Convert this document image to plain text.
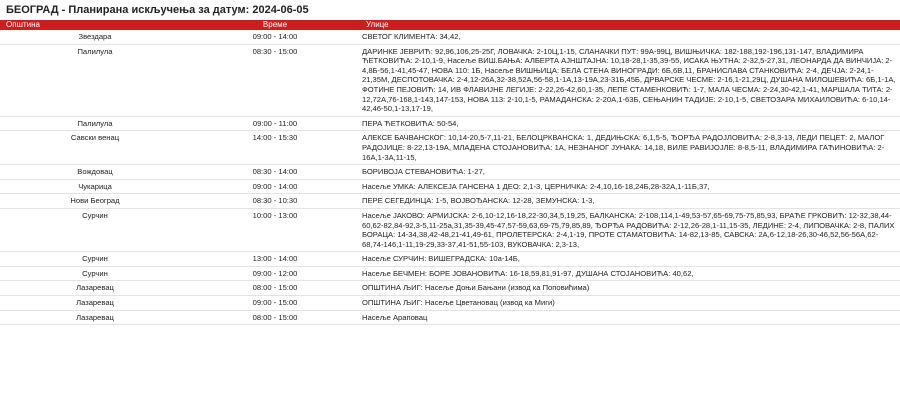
БЕОГРАД - Планирана искључења за датум: 2024-06-05
Општина	Време	Улице
Звездара	09:00 - 14:00	СВЕТОГ КЛИМЕНТА: 34,42,
Палилула	08:30 - 15:00	ДАРИНКЕ ЈЕВРИЋ: 92,96,106,25-25Г, ЛОВАЧКА: 2-10Ц,1-15, СЛАНАЧКИ ПУТ: 99А-99Ц, ВИШЊИЧКА: 182-188,192-196,131-147, ВЛАДИМИРА ЋЕТКОВИЋА: 2-10,1-9, Насеље ВИШ.БАЊА: АЛБЕРТА АЈНШТАЈНА: 10,18-28,1-35,39-55, ИСАКА ЊУТНА: 2-32,5-27,31, ЛЕОНАРДА ДА ВИНЧИЈА: 2-4,8Б-56,1-41,45-47, НОВА 110: 1Б, Насеље ВИШЊИЦА: БЕЛА СТЕНА ВИНОГРАДИ: 6Б,6В,11, БРАНИСЛАВА СТАНКОВИЋА: 2-4, ДЕЧЈА: 2-24,1-21,35М, ДЕСПОТОВАЧКА: 2-4,12-26А,32-38,52А,56-58,1-1А,13-19А,23-31Б,45Б, ДРВАРСКЕ ЧЕСМЕ: 2-16,1-21,29Ц, ДУШАНА МИЛОШЕВИЋА: 6Б,1-1А, ФОТИНЕ ПЕЈОВИЋ: 14, ИВ ФЛАВИЈНЕ ЛЕГИЈЕ: 2-22,26-42,60,1-35, ЛЕПЕ СТАМЕНКОВИЋ: 1-7, МАЛА ЧЕСМА: 2-24,30-42,1-41, МАРШАЛА ТИТА: 2-12,72А,76-168,1-143,147-153, НОВА 113: 2-10,1-5, РАМАДАНСКА: 2-20А,1-63Б, СЕЊАНИН ТАДИЈЕ: 2-10,1-5, СВЕТОЗАРА МИХАИЛОВИЋА: 6-10,14-42,46-50,1-13,17-19,
Палилула	09:00 - 11:00	ПЕРА ЋЕТКОВИЋА: 50-54,
Савски венац	14:00 - 15:30	АЛЕКСЕ БАЧВАНСКОГ: 10,14-20,5-7,11-21, БЕЛОЦРКВАНСКА: 1, ДЕДИЊСКА: 6,1,5-5, ЂОРЂА РАДОЈЛОВИЋА: 2-8,3-13, ЛЕДИ ПЕЦЕТ: 2, МАЛОГ РАДОЈИЦЕ: 8-22,13-19А, МЛАДЕНА СТОЈАНОВИЋА: 1А, НЕЗНАНОГ ЈУНАКА: 14,18, ВИЛЕ РАВИЈОЈЛЕ: 8-8,5-11, ВЛАДИМИРА ГАЋИНОВИЋА: 2-16А,1-3А,11-15,
Вождовац	08:30 - 14:00	БОРИВОЈА СТЕВАНОВИЋА: 1-27,
Чукарица	09:00 - 14:00	Насеље УМКА: АЛЕКСЕЈА ГАНСЕНА 1 ДЕО: 2,1-3, ЦЕРНИЧКА: 2-4,10,16-18,24Б,28-32А,1-11Б,37,
Нови Београд	08:30 - 10:30	ПЕРЕ СЕГЕДИНЦА: 1-5, ВОЈВОЂАНСКА: 12-28, ЗЕМУНСКА: 1-3,
Сурчин	10:00 - 13:00	Насеље ЈАКОВО: АРМИЈСКА: 2-6,10-12,16-18,22-30,34,5,19,25, БАЛКАНСКА: 2-108,114,1-49,53-57,65-69,75-75,85,93, БРАЋЕ ГРКОВИЋ: 12-32,38,44-60,62-82,84-92,3-5,11-25а,31,35-39,45-47,57-59,63,69-75,79,85,89, ЂОРЂА РАДОВИЋА: 2-12,26-28,1-11,15-35, ЛЕДИНЕ: 2-4, ЛИПОВАЧКА: 2-8, ПАЛИХ БОРАЦА: 14-34,38,42-48,21-41,49-61, ПРОЛЕТЕРСКА: 2-4,1-19, ПРОТЕ СТАМАТОВИЋА: 14-82,13-85, САВСКА: 2А,6-12,18-26,30-46,52,56-56А,62-68,74-146,1-11,19-29,33-37,41-51,55-103, ВУКОВАЧКА: 2,3-13,
Сурчин	13:00 - 14:00	Насеље СУРЧИН: ВИШЕГРАДСКА: 10а-14Б,
Сурчин	09:00 - 12:00	Насеље БЕЧМЕН: БОРЕ ЈОВАНОВИЋА: 16-18,59,81,91-97, ДУШАНА СТОЈАНОВИЋА: 40,62,
Лазаревац	08:00 - 15:00	ОПШТИНА ЉИГ: Насеље Доњи Бањани (извод ка Поповићима)
Лазаревац	09:00 - 15:00	ОПШТИНА ЉИГ: Насеље Цветановац (извод ка Миги)
Лазаревац	08:00 - 15:00	Насеље Араповац
